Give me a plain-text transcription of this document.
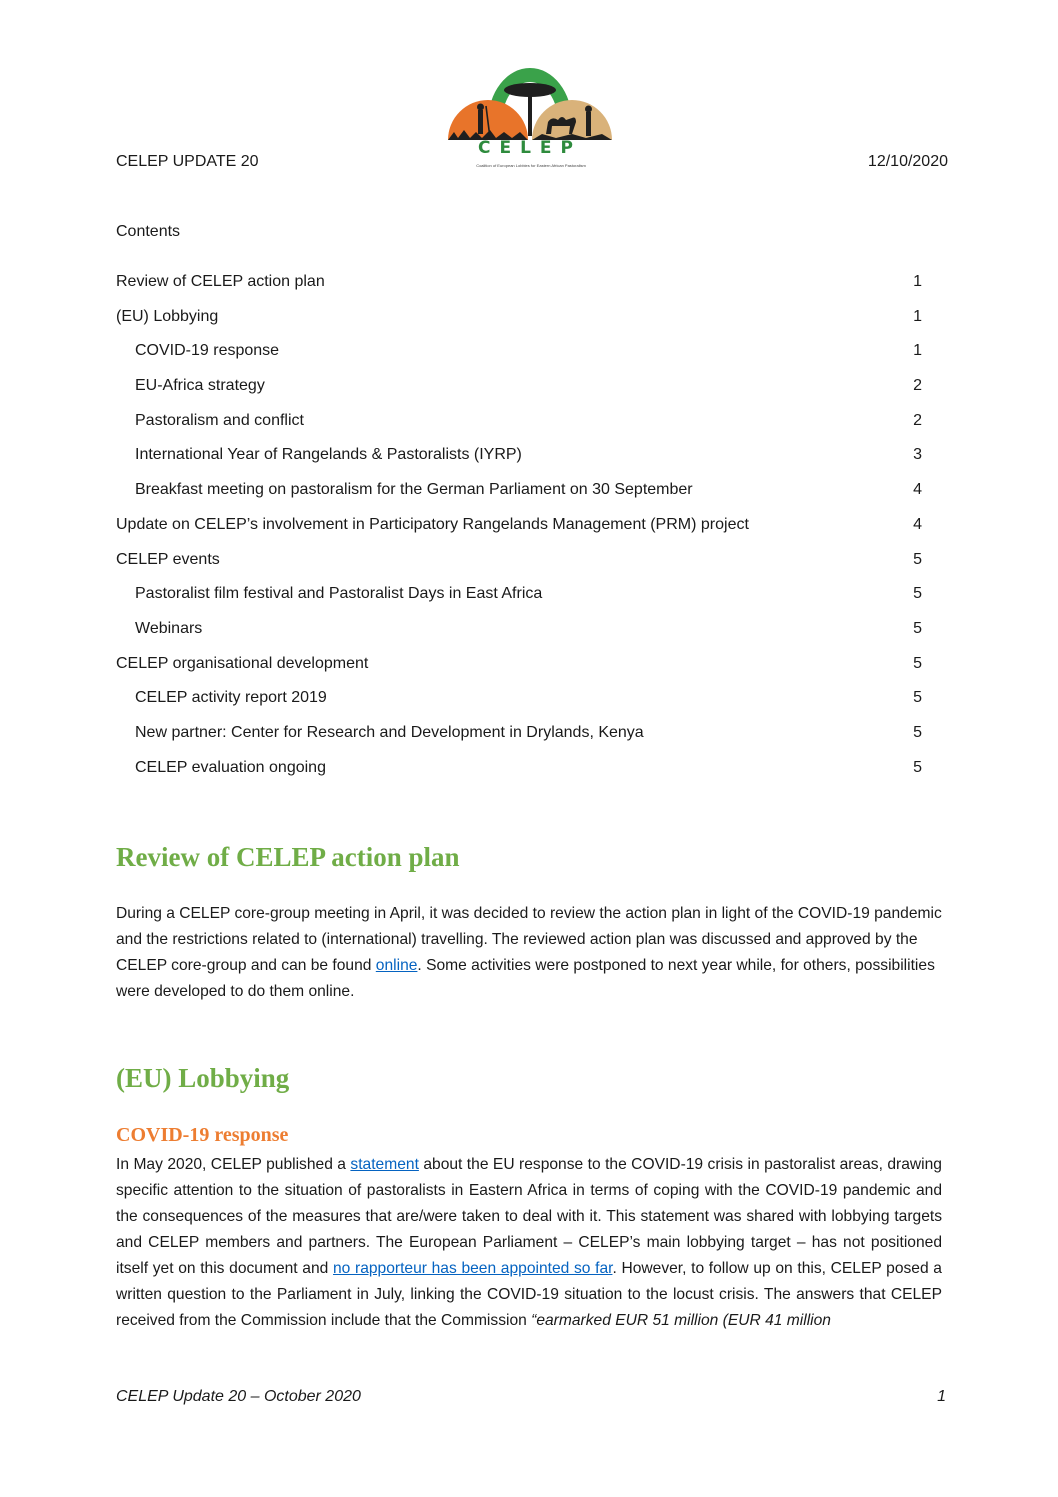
CELEP UPDATE 20
CELEP
Coalition of European Lobbies for Eastern African Pastoralism	12/10/2020
Contents
Review of CELEP action plan	1
(EU) Lobbying	1
COVID-19 response	1
EU-Africa strategy	2
Pastoralism and conflict	2
International Year of Rangelands & Pastoralists (IYRP)	3
Breakfast meeting on pastoralism for the German Parliament on 30 September	4
Update on CELEP’s involvement in Participatory Rangelands Management (PRM) project	4
CELEP events	5
Pastoralist film festival and Pastoralist Days in East Africa	5
Webinars	5
CELEP organisational development	5
CELEP activity report 2019	5
New partner: Center for Research and Development in Drylands, Kenya	5
CELEP evaluation ongoing	5
Review of CELEP action plan

During a CELEP core-group meeting in April, it was decided to review the action plan in light of the COVID-19 pandemic and the restrictions related to (international) travelling. The reviewed action plan was discussed and approved by the CELEP core-group and can be found online. Some activities were postponed to next year while, for others, possibilities were developed to do them online.

(EU) Lobbying
COVID-19 response

In May 2020, CELEP published a statement about the EU response to the COVID-19 crisis in pastoralist areas, drawing specific attention to the situation of pastoralists in Eastern Africa in terms of coping with the COVID-19 pandemic and the consequences of the measures that are/were taken to deal with it. This statement was shared with lobbying targets and CELEP members and partners. The European Parliament – CELEP’s main lobbying target – has not positioned itself yet on this document and no rapporteur has been appointed so far. However, to follow up on this, CELEP posed a written question to the Parliament in July, linking the COVID-19 situation to the locust crisis. The answers that CELEP received from the Commission include that the Commission “earmarked EUR 51 million (EUR 41 million

CELEP Update 20 – October 2020	1
